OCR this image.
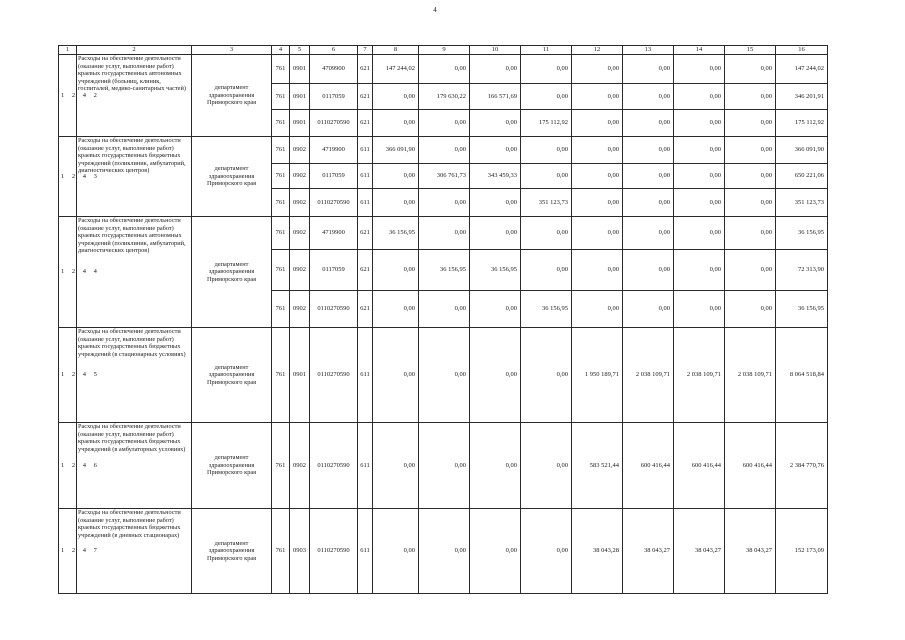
4
1	2	3	4	5	6	7	8	9	10	11	12	13	14	15	16
1 2 4 2	Расходы на обеспечение деятельности (оказание услуг, выполнение работ) краевых государственных автономных учреждений (больниц, клиник, госпиталей, медико-санитарных частей)	департамент здравоохранения Приморского края	761	0901	4709900	621	147 244,02	0,00	0,00	0,00	0,00	0,00	0,00	0,00	147 244,02
			761	0901	0117059	621	0,00	179 630,22	166 571,69	0,00	0,00	0,00	0,00	0,00	346 201,91
			761	0901	0110270590	621	0,00	0,00	0,00	175 112,92	0,00	0,00	0,00	0,00	175 112,92
1 2 4 3	Расходы на обеспечение деятельности (оказание услуг, выполнение работ) краевых государственных бюджетных учреждений (поликлиник, амбулаторий, диагностических центров)	департамент здравоохранения Приморского края	761	0902	4719900	611	366 091,90	0,00	0,00	0,00	0,00	0,00	0,00	0,00	366 091,90
			761	0902	0117059	611	0,00	306 761,73	343 459,33	0,00	0,00	0,00	0,00	0,00	650 221,06
			761	0902	0110270590	611	0,00	0,00	0,00	351 123,73	0,00	0,00	0,00	0,00	351 123,73
1 2 4 4	Расходы на обеспечение деятельности (оказание услуг, выполнение работ) краевых государственных автономных учреждений (поликлиник, амбулаторий, диагностических центров)	департамент здравоохранения Приморского края	761	0902	4719900	621	36 156,95	0,00	0,00	0,00	0,00	0,00	0,00	0,00	36 156,95
			761	0902	0117059	621	0,00	36 156,95	36 156,95	0,00	0,00	0,00	0,00	0,00	72 313,90
			761	0902	0110270590	621	0,00	0,00	0,00	36 156,95	0,00	0,00	0,00	0,00	36 156,95
1 2 4 5	Расходы на обеспечение деятельности (оказание услуг, выполнение работ) краевых государственных бюджетных учреждений (в стационарных условиях)	департамент здравоохранения Приморского края	761	0901	0110270590	611	0,00	0,00	0,00	0,00	1 950 189,71	2 038 109,71	2 038 109,71	2 038 109,71	8 064 518,84
1 2 4 6	Расходы на обеспечение деятельности (оказание услуг, выполнение работ) краевых государственных бюджетных учреждений (в амбулаторных условиях)	департамент здравоохранения Приморского края	761	0902	0110270590	611	0,00	0,00	0,00	0,00	583 521,44	600 416,44	600 416,44	600 416,44	2 384 770,76
1 2 4 7	Расходы на обеспечение деятельности (оказание услуг, выполнение работ) краевых государственных бюджетных учреждений (в дневных стационарах)	департамент здравоохранения Приморского края	761	0903	0110270590	611	0,00	0,00	0,00	0,00	38 043,28	38 043,27	38 043,27	38 043,27	152 173,09
